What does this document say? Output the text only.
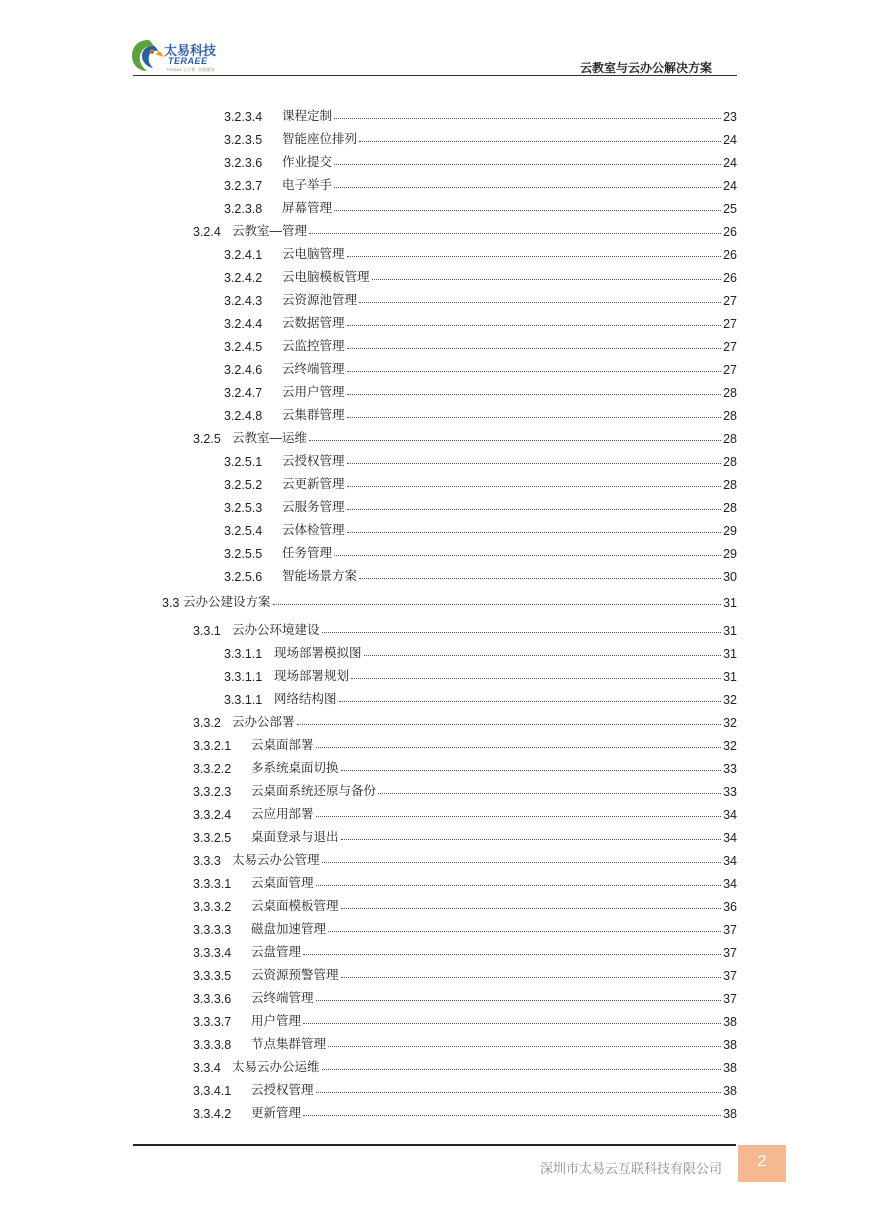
太易科技
TERAEE
TERAEE 云计算 · 智能服务	云教室与云办公解决方案
3.2.3.4	课程定制	23
3.2.3.5	智能座位排列	24
3.2.3.6	作业提交	24
3.2.3.7	电子举手	24
3.2.3.8	屏幕管理	25
3.2.4 云教室—管理	26
3.2.4.1	云电脑管理	26
3.2.4.2	云电脑模板管理	26
3.2.4.3	云资源池管理	27
3.2.4.4	云数据管理	27
3.2.4.5	云监控管理	27
3.2.4.6	云终端管理	27
3.2.4.7	云用户管理	28
3.2.4.8	云集群管理	28
3.2.5 云教室—运维	28
3.2.5.1	云授权管理	28
3.2.5.2	云更新管理	28
3.2.5.3	云服务管理	28
3.2.5.4	云体检管理	29
3.2.5.5	任务管理	29
3.2.5.6	智能场景方案	30
3.3 云办公建设方案	31
3.3.1 云办公环境建设	31
3.3.1.1 现场部署模拟图	31
3.3.1.1 现场部署规划	31
3.3.1.1 网络结构图	32
3.3.2 云办公部署	32
3.3.2.1	云桌面部署	32
3.3.2.2	多系统桌面切换	33
3.3.2.3	云桌面系统还原与备份	33
3.3.2.4	云应用部署	34
3.3.2.5	桌面登录与退出	34
3.3.3 太易云办公管理	34
3.3.3.1	云桌面管理	34
3.3.3.2	云桌面模板管理	36
3.3.3.3	磁盘加速管理	37
3.3.3.4	云盘管理	37
3.3.3.5	云资源预警管理	37
3.3.3.6	云终端管理	37
3.3.3.7	用户管理	38
3.3.3.8	节点集群管理	38
3.3.4 太易云办公运维	38
3.3.4.1	云授权管理	38
3.3.4.2	更新管理	38
深圳市太易云互联科技有限公司	2
